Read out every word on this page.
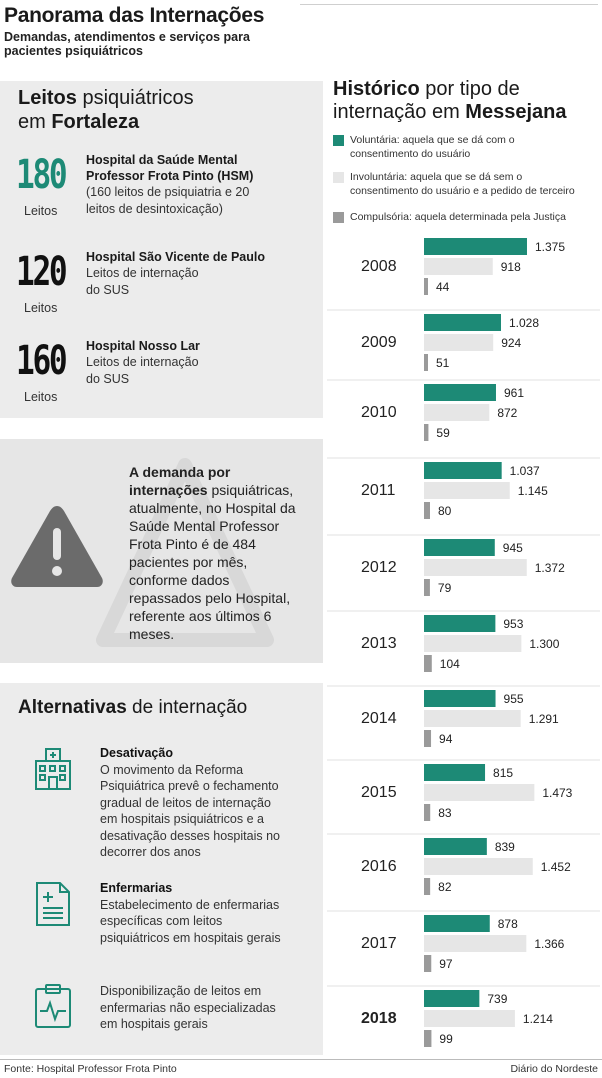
Panorama das Internações
Demandas, atendimentos e serviços para
pacientes psiquiátricos
Leitos psiquiátricos
em Fortaleza
180
Leitos
Hospital da Saúde Mental
Professor Frota Pinto (HSM)
(160 leitos de psiquiatria e 20
leitos de desintoxicação)
120
Leitos
Hospital São Vicente de Paulo
Leitos de internação
do SUS
160
Leitos
Hospital Nosso Lar
Leitos de internação
do SUS
A demanda por
internações psiquiátricas,
atualmente, no Hospital da
Saúde Mental Professor
Frota Pinto é de 484
pacientes por mês,
conforme dados
repassados pelo Hospital,
referente aos últimos 6
meses.
Alternativas de internação
Desativação
O movimento da Reforma
Psiquiátrica prevê o fechamento
gradual de leitos de internação
em hospitais psiquiátricos e a
desativação desses hospitais no
decorrer dos anos
Enfermarias
Estabelecimento de enfermarias
específicas com leitos
psiquiátricos em hospitais gerais
Disponibilização de leitos em
enfermarias não especializadas
em hospitais gerais
Histórico por tipo de
internação em Messejana
Voluntária: aquela que se dá com o
consentimento do usuário
Involuntária: aquela que se dá sem o
consentimento do usuário e a pedido de terceiro
Compulsória: aquela determinada pela Justiça
2008
2009
2010
2011
2012
2013
2014
2015
2016
2017
2018
1.375
918
44
1.028
924
51
961
872
59
1.037
1.145
80
945
1.372
79
953
1.300
104
955
1.291
94
815
1.473
83
839
1.452
82
878
1.366
97
739
1.214
99
Fonte: Hospital Professor Frota Pinto	Diário do Nordeste
